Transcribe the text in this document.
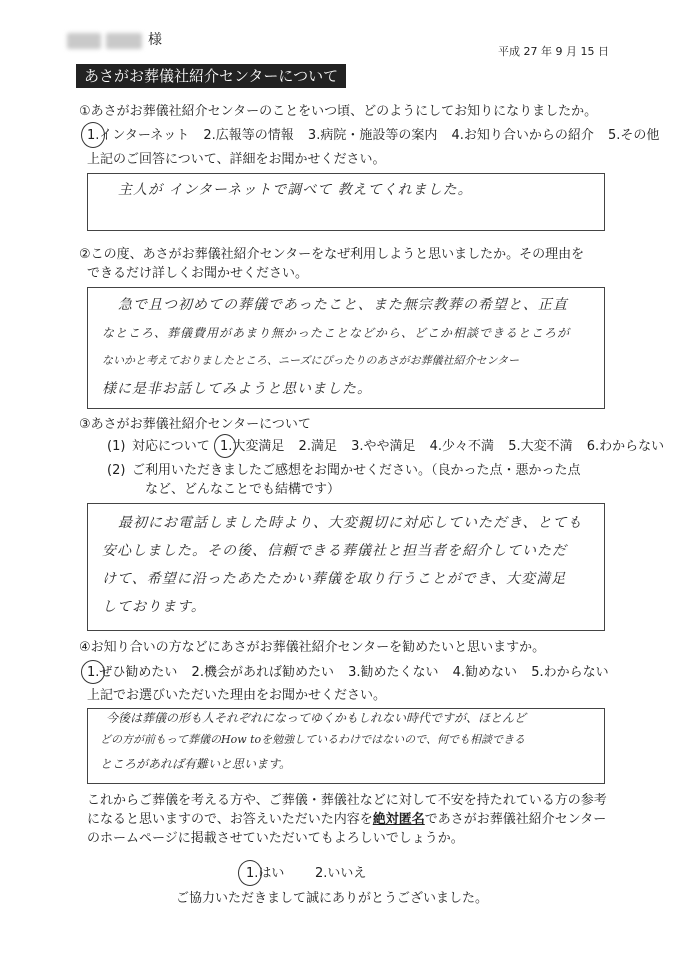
様
平成 27 年 9 月 15 日
あさがお葬儀社紹介センターについて
①あさがお葬儀社紹介センターのことをいつ頃、どのようにしてお知りになりましたか。
1.インターネット 2.広報等の情報 3.病院・施設等の案内 4.お知り合いからの紹介 5.その他
上記のご回答について、詳細をお聞かせください。
主人が インターネットで調べて 教えてくれました。
②この度、あさがお葬儀社紹介センターをなぜ利用しようと思いましたか。その理由を
できるだけ詳しくお聞かせください。
急で且つ初めての葬儀であったこと、また無宗教葬の希望と、正直
なところ、葬儀費用があまり無かったことなどから、どこか相談できるところが
ないかと考えておりましたところ、ニーズにぴったりのあさがお葬儀社紹介センター
様に是非お話してみようと思いました。
③あさがお葬儀社紹介センターについて
(1) 対応について 1.大変満足 2.満足 3.やや満足 4.少々不満 5.大変不満 6.わからない
(2) ご利用いただきましたご感想をお聞かせください。（良かった点・悪かった点
など、どんなことでも結構です）
最初にお電話しました時より、大変親切に対応していただき、とても
安心しました。その後、信頼できる葬儀社と担当者を紹介していただ
けて、希望に沿ったあたたかい葬儀を取り行うことができ、大変満足
しております。
④お知り合いの方などにあさがお葬儀社紹介センターを勧めたいと思いますか。
1.ぜひ勧めたい 2.機会があれば勧めたい 3.勧めたくない 4.勧めない 5.わからない
上記でお選びいただいた理由をお聞かせください。
今後は葬儀の形も人それぞれになってゆくかもしれない時代ですが、ほとんど
どの方が前もって葬儀のHow toを勉強しているわけではないので、何でも相談できる
ところがあれば有難いと思います。
これからご葬儀を考える方や、ご葬儀・葬儀社などに対して不安を持たれている方の参考
になると思いますので、お答えいただいた内容を絶対匿名であさがお葬儀社紹介センター
のホームページに掲載させていただいてもよろしいでしょうか。
1.はい 2.いいえ
ご協力いただきまして誠にありがとうございました。
